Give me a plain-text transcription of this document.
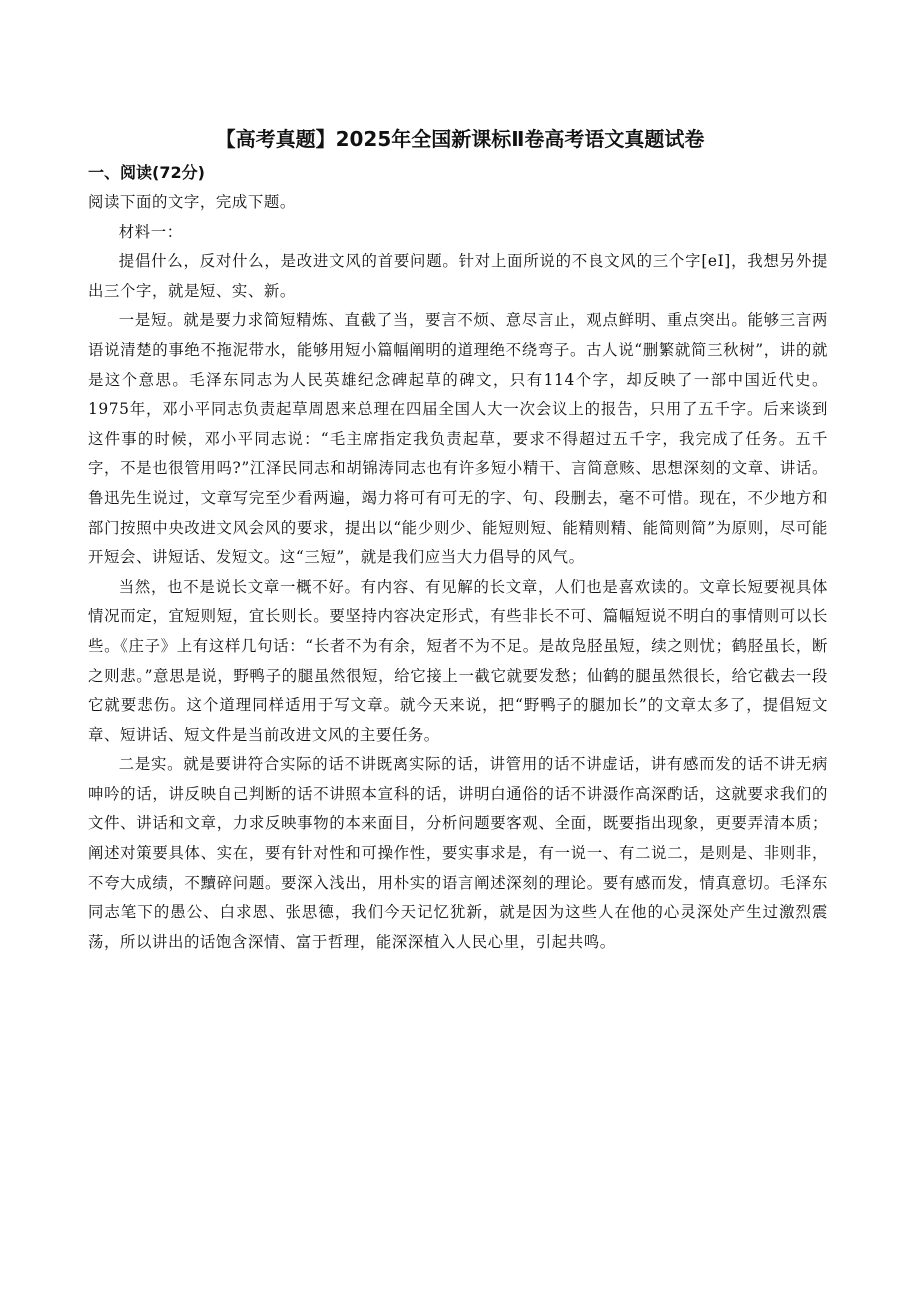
【高考真题】2025年全国新课标Ⅱ卷高考语文真题试卷
一、阅读(72分)

阅读下面的文字，完成下题。

材料一：

提倡什么，反对什么，是改进文风的首要问题。针对上面所说的不良文风的三个字[eI]，我想另外提出三个字，就是短、实、新。

一是短。就是要力求简短精炼、直截了当，要言不烦、意尽言止，观点鲜明、重点突出。能够三言两语说清楚的事绝不拖泥带水，能够用短小篇幅阐明的道理绝不绕弯子。古人说“删繁就简三秋树”，讲的就是这个意思。毛泽东同志为人民英雄纪念碑起草的碑文，只有114个字，却反映了一部中国近代史。1975年，邓小平同志负责起草周恩来总理在四届全国人大一次会议上的报告，只用了五千字。后来谈到这件事的时候，邓小平同志说：“毛主席指定我负责起草，要求不得超过五千字，我完成了任务。五千字，不是也很管用吗?”江泽民同志和胡锦涛同志也有许多短小精干、言简意赅、思想深刻的文章、讲话。鲁迅先生说过，文章写完至少看两遍，竭力将可有可无的字、句、段删去，毫不可惜。现在，不少地方和部门按照中央改进文风会风的要求，提出以“能少则少、能短则短、能精则精、能简则简”为原则，尽可能开短会、讲短话、发短文。这“三短”，就是我们应当大力倡导的风气。

当然，也不是说长文章一概不好。有内容、有见解的长文章，人们也是喜欢读的。文章长短要视具体情况而定，宜短则短，宜长则长。要坚持内容决定形式，有些非长不可、篇幅短说不明白的事情则可以长些。《庄子》上有这样几句话：“长者不为有余，短者不为不足。是故凫胫虽短，续之则忧；鹤胫虽长，断之则悲。”意思是说，野鸭子的腿虽然很短，给它接上一截它就要发愁；仙鹤的腿虽然很长，给它截去一段它就要悲伤。这个道理同样适用于写文章。就今天来说，把“野鸭子的腿加长”的文章太多了，提倡短文章、短讲话、短文件是当前改进文风的主要任务。

二是实。就是要讲符合实际的话不讲既离实际的话，讲管用的话不讲虚话，讲有感而发的话不讲无病呻吟的话，讲反映自己判断的话不讲照本宣科的话，讲明白通俗的话不讲滠作高深酌话，这就要求我们的文件、讲话和文章，力求反映事物的本来面目，分析问题要客观、全面，既要指出现象，更要弄清本质；阐述对策要具体、实在，要有针对性和可操作性，要实事求是，有一说一、有二说二，是则是、非则非，不夸大成绩，不黷碎问题。要深入浅出，用朴实的语言阐述深刻的理论。要有感而发，情真意切。毛泽东同志笔下的愚公、白求恩、张思德，我们今天记忆犹新，就是因为这些人在他的心灵深处产生过激烈震荡，所以讲出的话饱含深情、富于哲理，能深深植入人民心里，引起共鸣。
